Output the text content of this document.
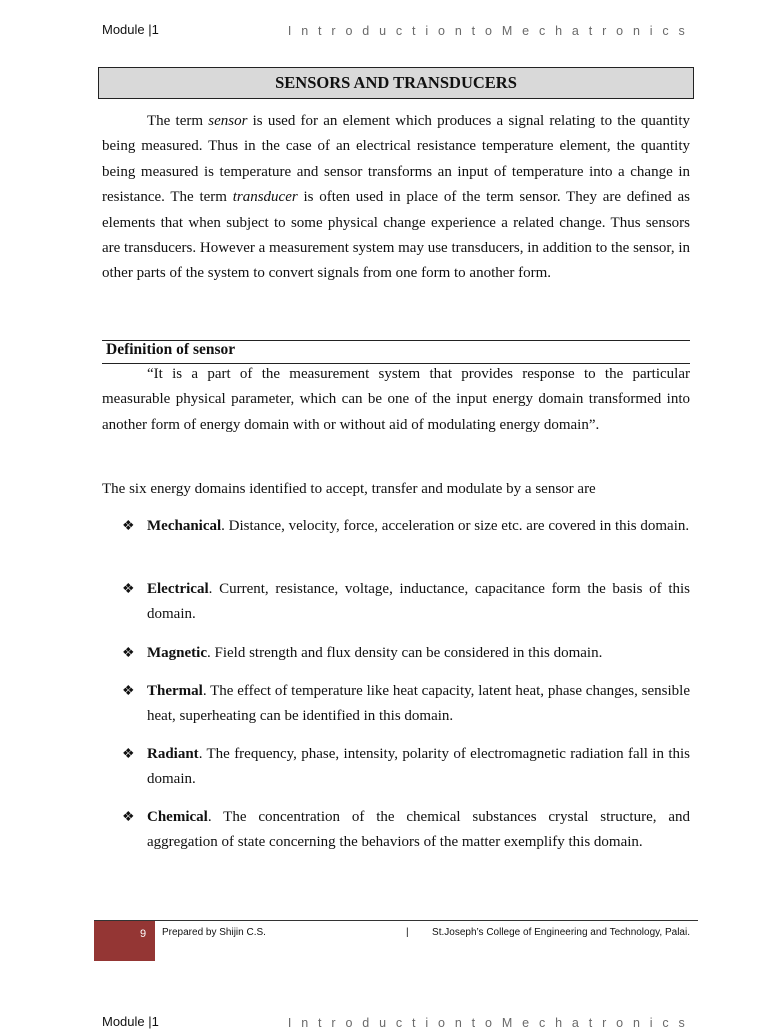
Module |1	I n t r o d u c t i o n t o M e c h a t r o n i c s
SENSORS AND TRANSDUCERS

The term sensor is used for an element which produces a signal relating to the quantity being measured. Thus in the case of an electrical resistance temperature element, the quantity being measured is temperature and sensor transforms an input of temperature into a change in resistance. The term transducer is often used in place of the term sensor. They are defined as elements that when subject to some physical change experience a related change. Thus sensors are transducers. However a measurement system may use transducers, in addition to the sensor, in other parts of the system to convert signals from one form to another form.

Definition of sensor

“It is a part of the measurement system that provides response to the particular measurable physical parameter, which can be one of the input energy domain transformed into another form of energy domain with or without aid of modulating energy domain”.

The six energy domains identified to accept, transfer and modulate by a sensor are

❖ Mechanical. Distance, velocity, force, acceleration or size etc. are covered in this domain.

❖ Electrical. Current, resistance, voltage, inductance, capacitance form the basis of this domain.

❖ Magnetic. Field strength and flux density can be considered in this domain.

❖ Thermal. The effect of temperature like heat capacity, latent heat, phase changes, sensible heat, superheating can be identified in this domain.

❖ Radiant. The frequency, phase, intensity, polarity of electromagnetic radiation fall in this domain.

❖ Chemical. The concentration of the chemical substances crystal structure, and aggregation of state concerning the behaviors of the matter exemplify this domain.

9 Prepared by Shijin C.S.	| St.Joseph’s College of Engineering and Technology, Palai.
Module |1	I n t r o d u c t i o n t o M e c h a t r o n i c s
